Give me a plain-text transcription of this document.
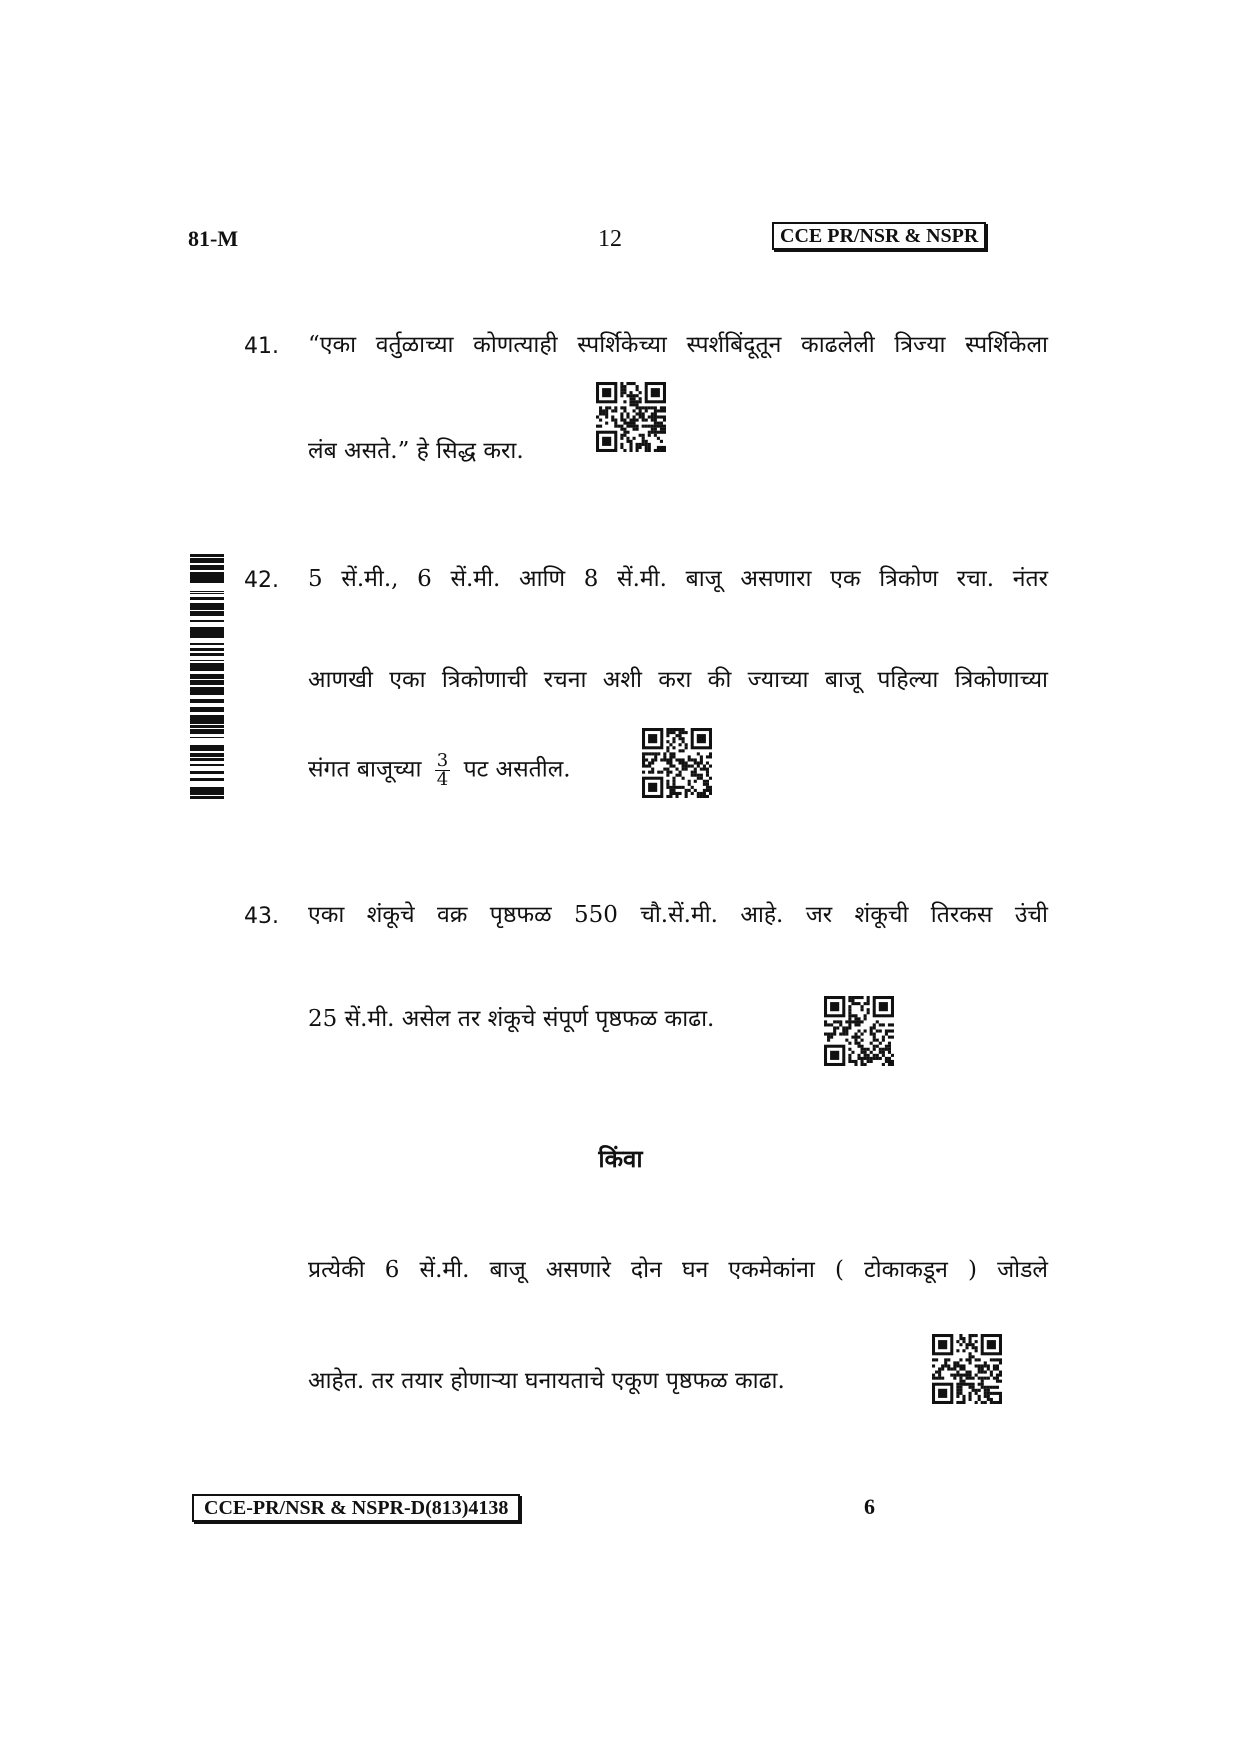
81-M	12	CCE PR/NSR & NSPR
41. “एका वर्तुळाच्या कोणत्याही स्पर्शिकेच्या स्पर्शबिंदूतून काढलेली त्रिज्या स्पर्शिकेला
लंब असते.” हे सिद्ध करा.
42. 5 सें.मी., 6 सें.मी. आणि 8 सें.मी. बाजू असणारा एक त्रिकोण रचा. नंतर
आणखी एका त्रिकोणाची रचना अशी करा की ज्याच्या बाजू पहिल्या त्रिकोणाच्या
संगत बाजूच्या $\frac{3}{4}$ पट असतील.
43. एका शंकूचे वक्र पृष्ठफळ 550 चौ.सें.मी. आहे. जर शंकूची तिरकस उंची
25 सें.मी. असेल तर शंकूचे संपूर्ण पृष्ठफळ काढा.
किंवा
प्रत्येकी 6 सें.मी. बाजू असणारे दोन घन एकमेकांना ( टोकाकडून ) जोडले
आहेत. तर तयार होणाऱ्या घनायताचे एकूण पृष्ठफळ काढा.
CCE-PR/NSR & NSPR-D(813)4138	6
